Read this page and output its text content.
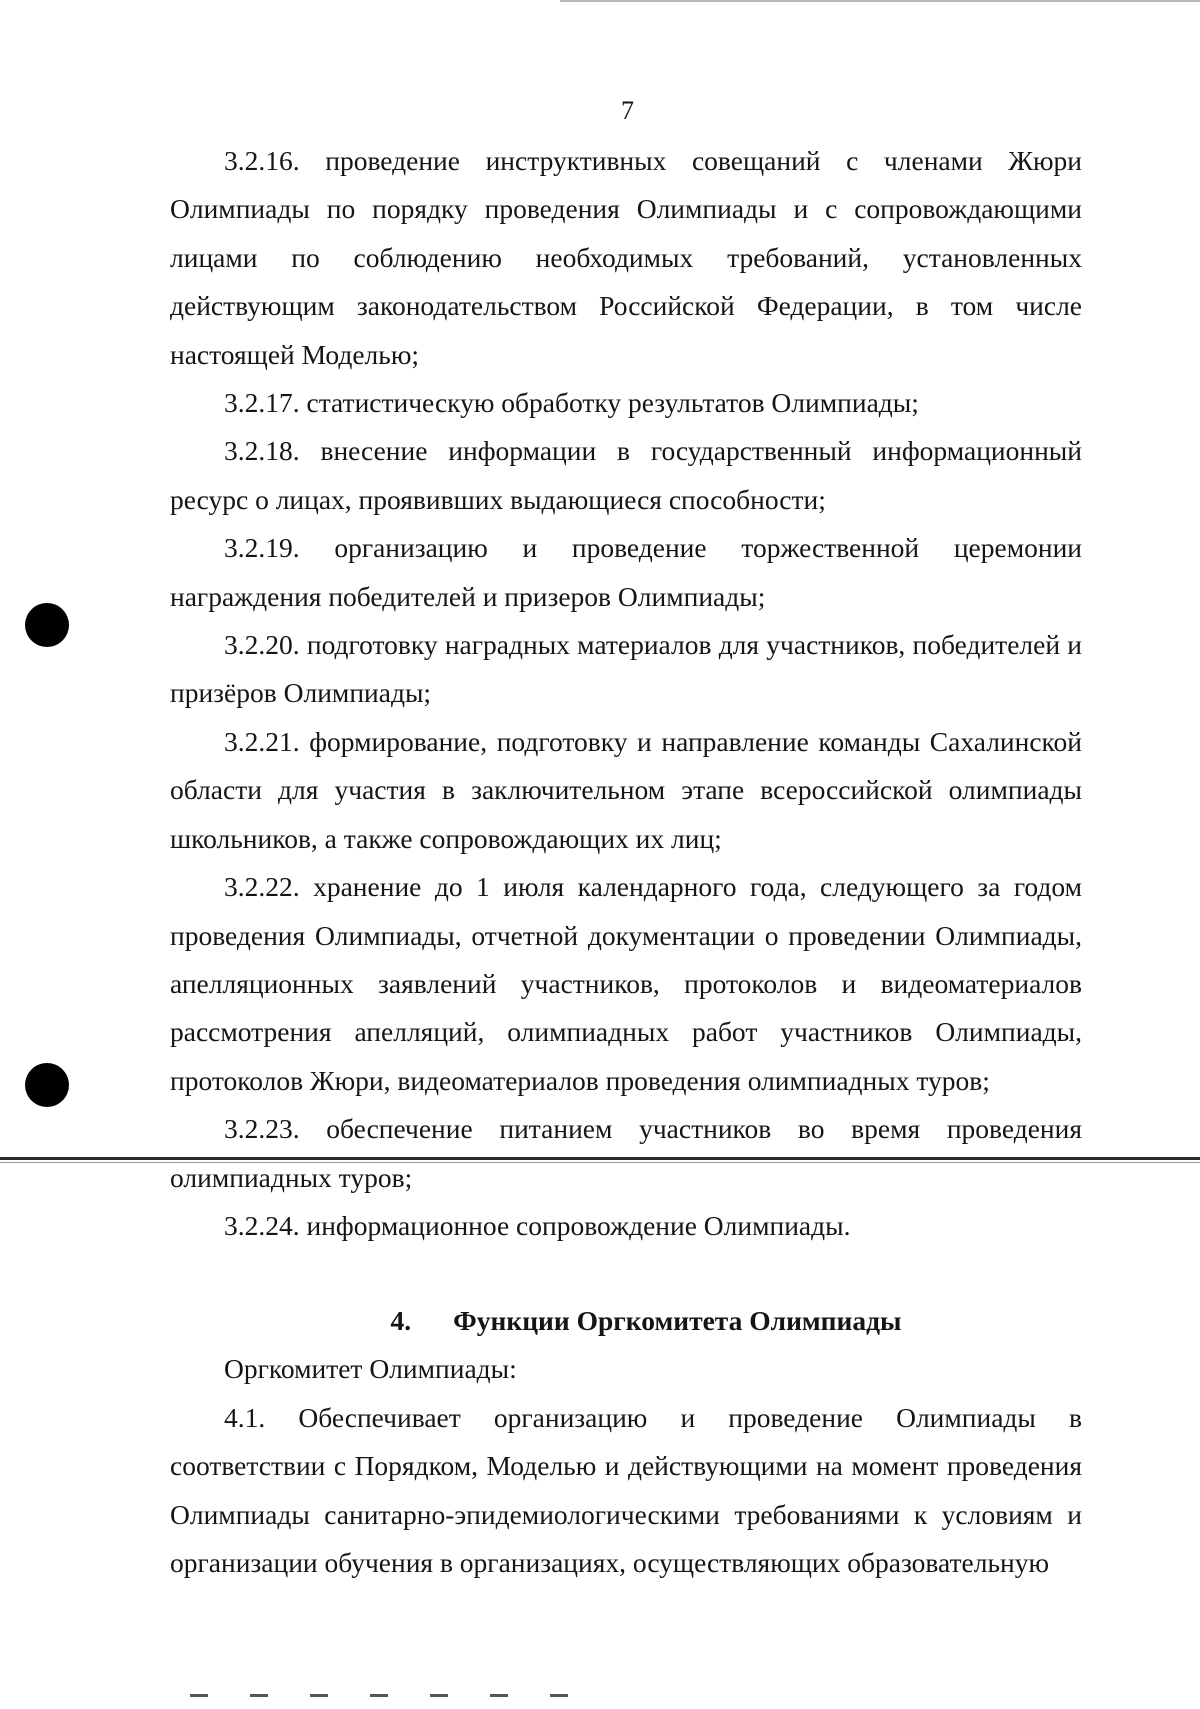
7

3.2.16. проведение инструктивных совещаний с членами Жюри Олимпиады по порядку проведения Олимпиады и с сопровождающими лицами по соблюдению необходимых требований, установленных действующим законодательством Российской Федерации, в том числе настоящей Моделью;

3.2.17. статистическую обработку результатов Олимпиады;

3.2.18. внесение информации в государственный информационный ресурс о лицах, проявивших выдающиеся способности;

3.2.19. организацию и проведение торжественной церемонии награждения победителей и призеров Олимпиады;

3.2.20. подготовку наградных материалов для участников, победителей и призёров Олимпиады;

3.2.21. формирование, подготовку и направление команды Сахалинской области для участия в заключительном этапе всероссийской олимпиады школьников, а также сопровождающих их лиц;

3.2.22. хранение до 1 июля календарного года, следующего за годом проведения Олимпиады, отчетной документации о проведении Олимпиады, апелляционных заявлений участников, протоколов и видеоматериалов рассмотрения апелляций, олимпиадных работ участников Олимпиады, протоколов Жюри, видеоматериалов проведения олимпиадных туров;

3.2.23. обеспечение питанием участников во время проведения олимпиадных туров;

3.2.24. информационное сопровождение Олимпиады.

4. Функции Оргкомитета Олимпиады

Оргкомитет Олимпиады:

4.1. Обеспечивает организацию и проведение Олимпиады в соответствии с Порядком, Моделью и действующими на момент проведения Олимпиады санитарно-эпидемиологическими требованиями к условиям и организации обучения в организациях, осуществляющих образовательную
